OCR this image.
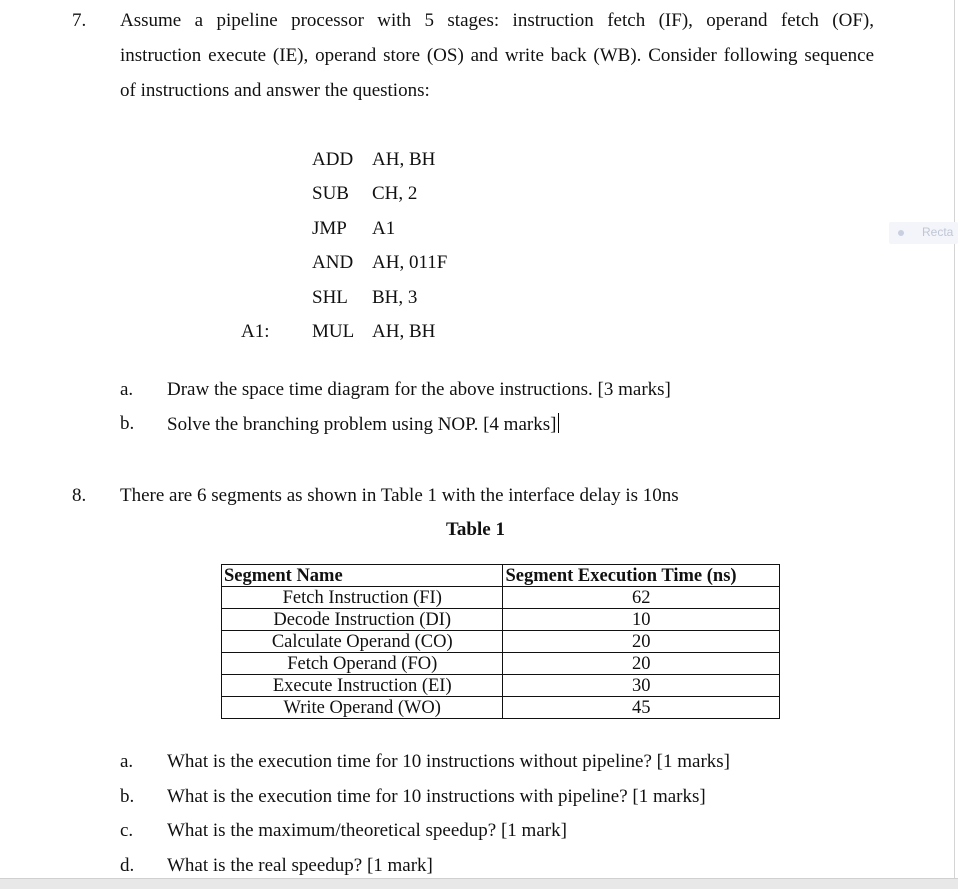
7. Assume a pipeline processor with 5 stages: instruction fetch (IF), operand fetch (OF),
instruction execute (IE), operand store (OS) and write back (WB). Consider following sequence
of instructions and answer the questions:
ADD AH, BH
SUB CH, 2
JMP A1
AND AH, 011F
SHL BH, 3
A1: MUL AH, BH
a. Draw the space time diagram for the above instructions. [3 marks]
b. Solve the branching problem using NOP. [4 marks]
8. There are 6 segments as shown in Table 1 with the interface delay is 10ns
Table 1
Segment Name	Segment Execution Time (ns)
Fetch Instruction (FI)	62
Decode Instruction (DI)	10
Calculate Operand (CO)	20
Fetch Operand (FO)	20
Execute Instruction (EI)	30
Write Operand (WO)	45
a. What is the execution time for 10 instructions without pipeline? [1 marks]
b. What is the execution time for 10 instructions with pipeline? [1 marks]
c. What is the maximum/theoretical speedup? [1 mark]
d. What is the real speedup? [1 mark]
Recta
